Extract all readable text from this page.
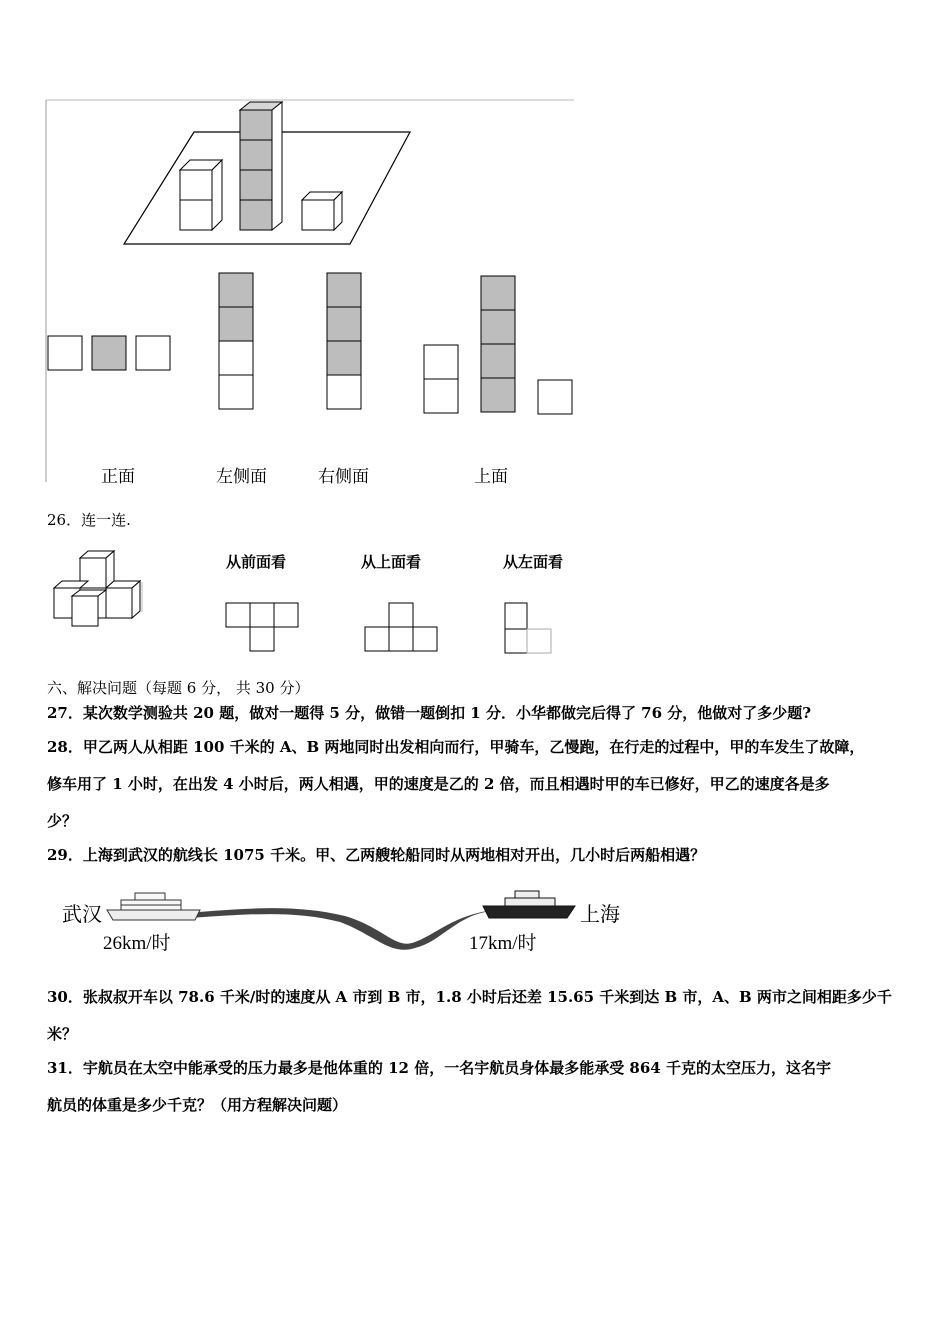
正面	左侧面	右侧面	上面
26．连一连.
从前面看	从上面看	从左面看
六、解决问题（每题 6 分， 共 30 分）
27．某次数学测验共 20 题，做对一题得 5 分，做错一题倒扣 1 分．小华都做完后得了 76 分，他做对了多少题?
28．甲乙两人从相距 100 千米的 A、B 两地同时出发相向而行，甲骑车，乙慢跑，在行走的过程中，甲的车发生了故障，
修车用了 1 小时，在出发 4 小时后，两人相遇，甲的速度是乙的 2 倍，而且相遇时甲的车已修好，甲乙的速度各是多
少？
29．上海到武汉的航线长 1075 千米。甲、乙两艘轮船同时从两地相对开出，几小时后两船相遇？
武汉	上海
26km/时	17km/时
30．张叔叔开车以 78.6 千米/时的速度从 A 市到 B 市，1.8 小时后还差 15.65 千米到达 B 市，A、B 两市之间相距多少千
米？
31．宇航员在太空中能承受的压力最多是他体重的 12 倍，一名宇航员身体最多能承受 864 千克的太空压力，这名宇
航员的体重是多少千克？（用方程解决问题）
